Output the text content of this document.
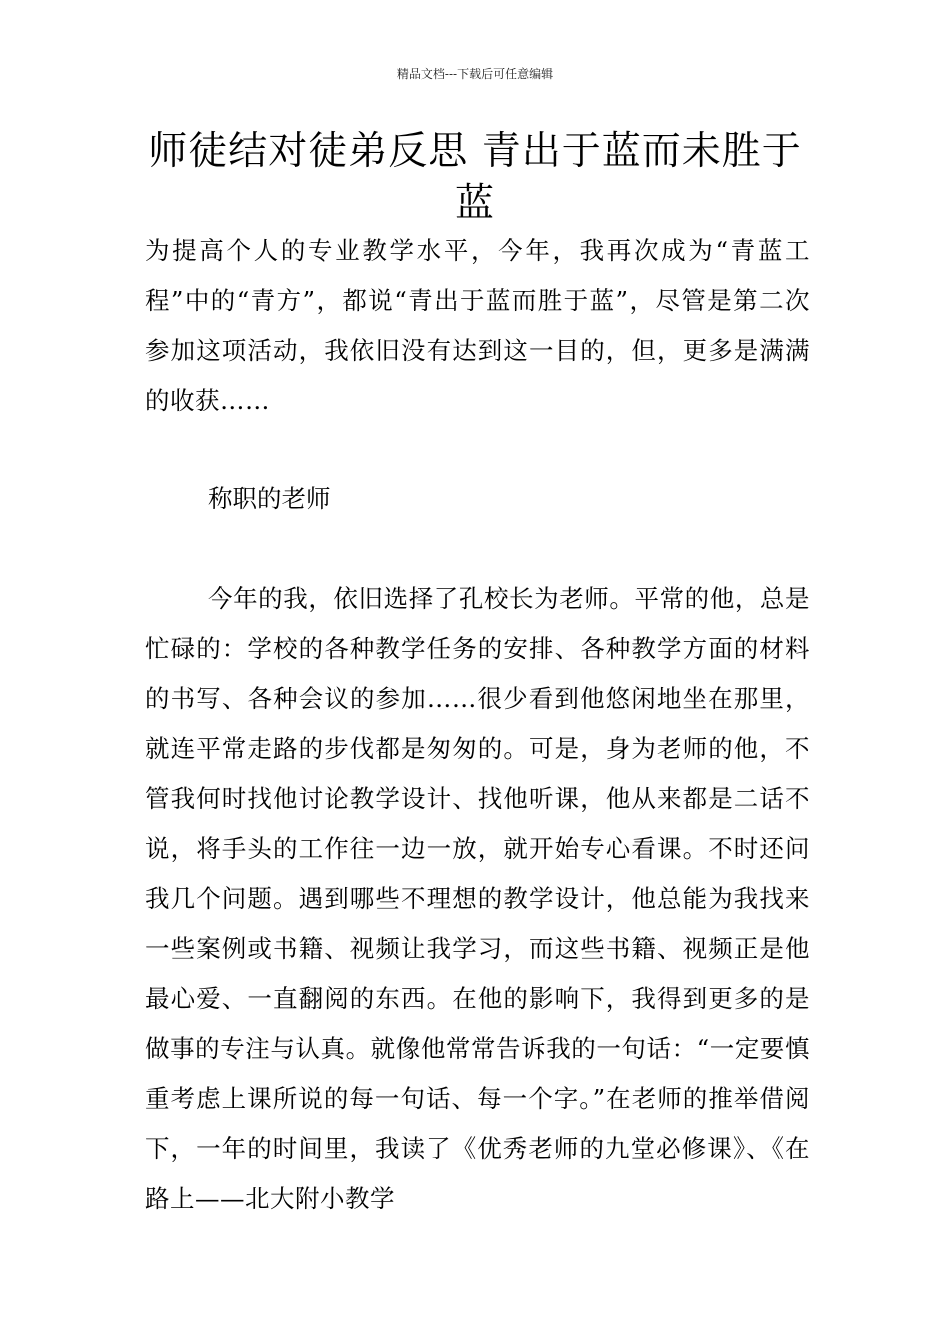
精品文档---下载后可任意编辑
师徒结对徒弟反思 青出于蓝而未胜于蓝

为提高个人的专业教学水平，今年，我再次成为“青蓝工程”中的“青方”，都说“青出于蓝而胜于蓝”，尽管是第二次参加这项活动，我依旧没有达到这一目的，但，更多是满满的收获……

称职的老师

今年的我，依旧选择了孔校长为老师。平常的他，总是忙碌的：学校的各种教学任务的安排、各种教学方面的材料的书写、各种会议的参加……很少看到他悠闲地坐在那里，就连平常走路的步伐都是匆匆的。可是，身为老师的他，不管我何时找他讨论教学设计、找他听课，他从来都是二话不说，将手头的工作往一边一放，就开始专心看课。不时还问我几个问题。遇到哪些不理想的教学设计，他总能为我找来一些案例或书籍、视频让我学习，而这些书籍、视频正是他最心爱、一直翻阅的东西。在他的影响下，我得到更多的是做事的专注与认真。就像他常常告诉我的一句话：“一定要慎重考虑上课所说的每一句话、每一个字。”在老师的推举借阅下，一年的时间里，我读了《优秀老师的九堂必修课》、《在路上——北大附小教学
